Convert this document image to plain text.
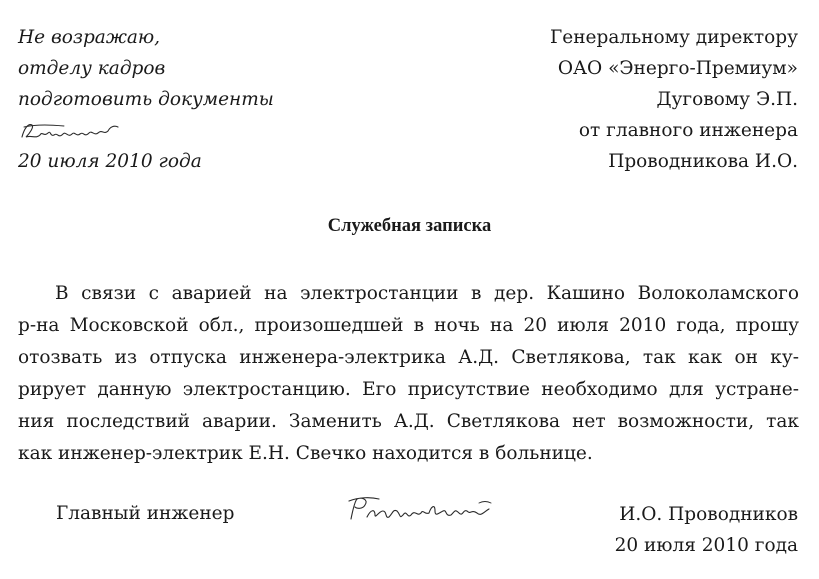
Не возражаю,
отделу кадров
подготовить документы
20 июля 2010 года
Генеральному директору
ОАО «Энерго-Премиум»
Дуговому Э.П.
от главного инженера
Проводникова И.О.
Служебная записка
В связи с аварией на электростанции в дер. Кашино Волоколамского
р-на Московской обл., произошедшей в ночь на 20 июля 2010 года, прошу
отозвать из отпуска инженера-электрика А.Д. Светлякова, так как он ку-
рирует данную электростанцию. Его присутствие необходимо для устране-
ния последствий аварии. Заменить А.Д. Светлякова нет возможности, так
как инженер-электрик Е.Н. Свечко находится в больнице.
Главный инженер	И.О. Проводников
20 июля 2010 года
